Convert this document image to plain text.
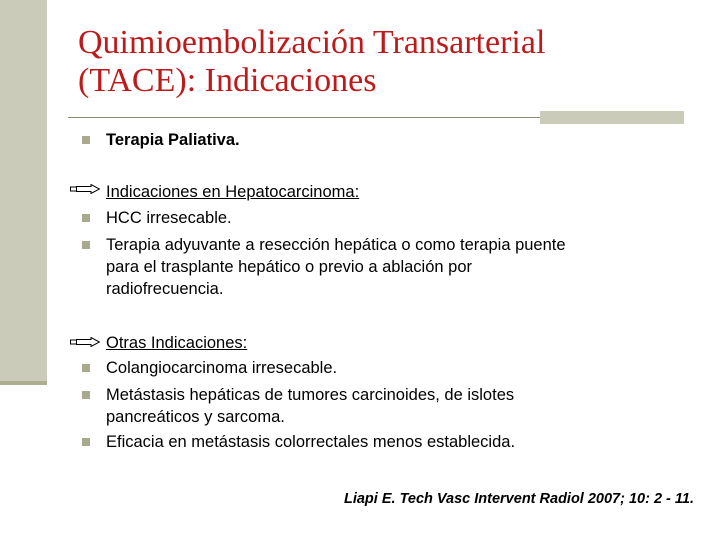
Quimioembolización Transarterial
(TACE): Indicaciones

Terapia Paliativa.

Indicaciones en Hepatocarcinoma:

HCC irresecable.

Terapia adyuvante a resección hepática o como terapia puente
para el trasplante hepático o previo a ablación por
radiofrecuencia.

Otras Indicaciones:

Colangiocarcinoma irresecable.

Metástasis hepáticas de tumores carcinoides, de islotes
pancreáticos y sarcoma.

Eficacia en metástasis colorrectales menos establecida.

Liapi E. Tech Vasc Intervent Radiol 2007; 10: 2 - 11.
